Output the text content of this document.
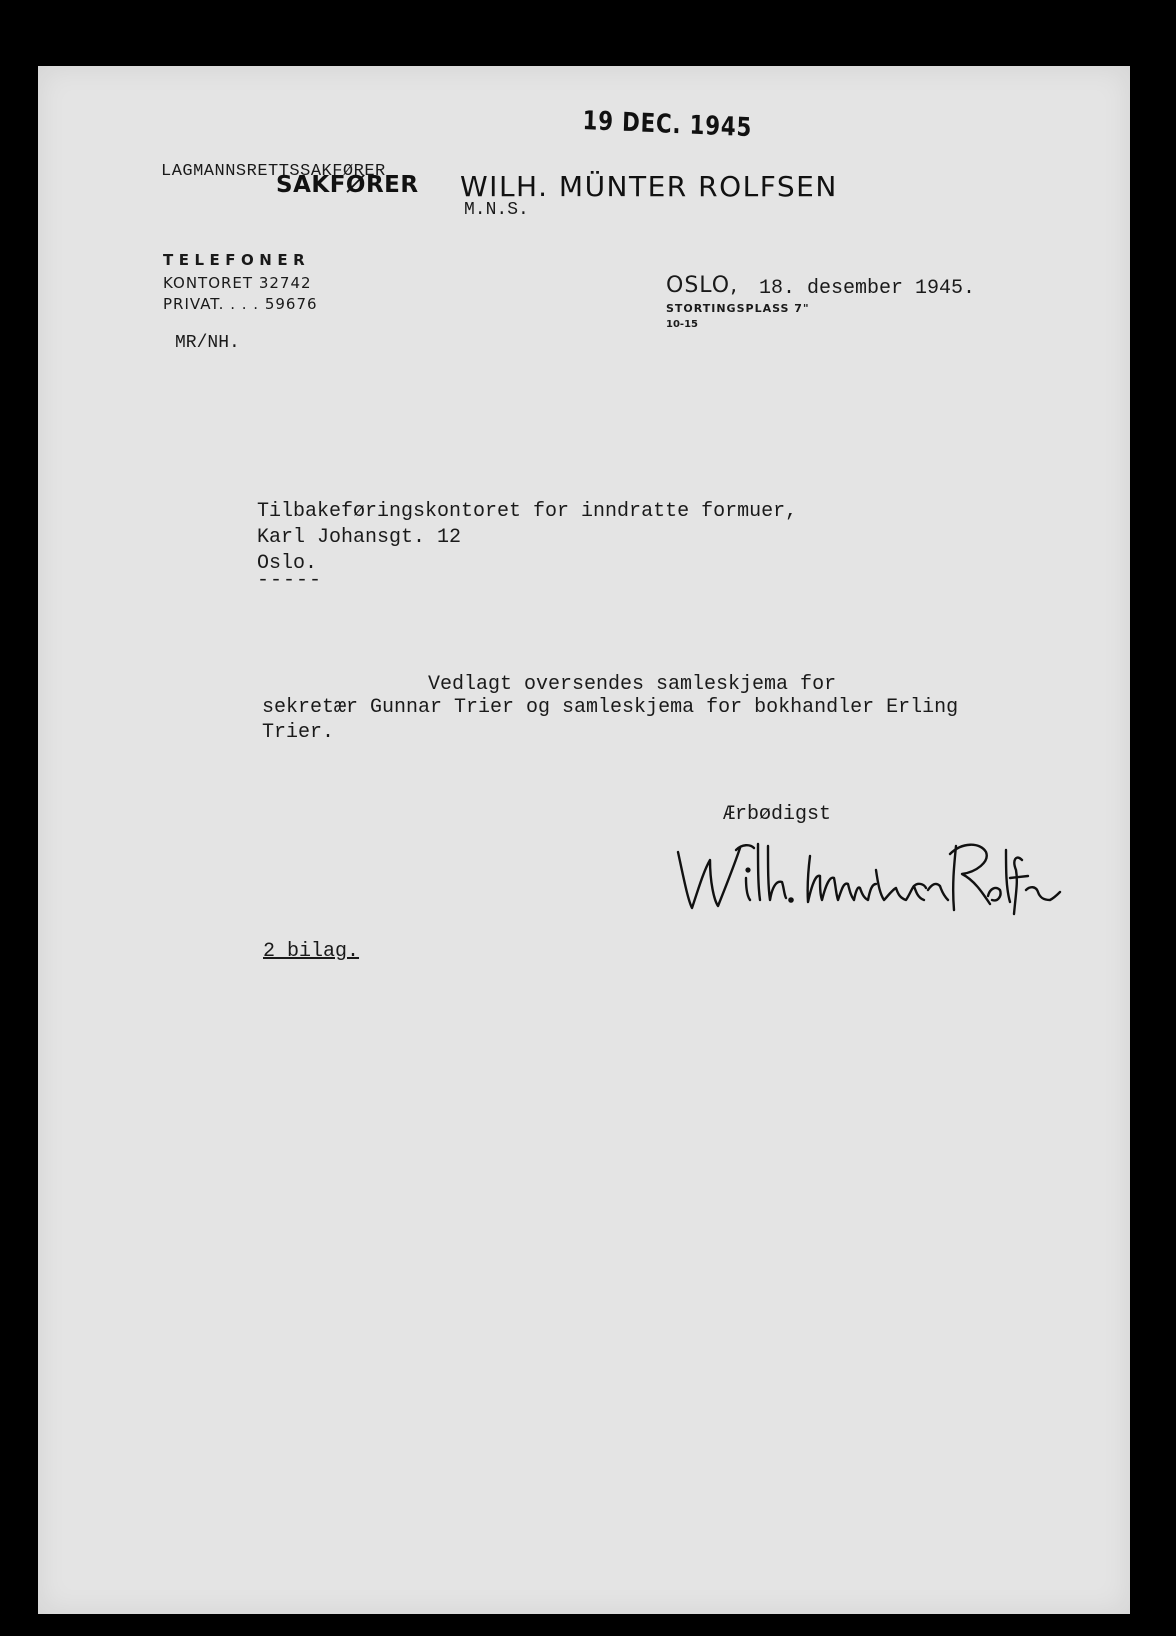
19 DEC. 1945
LAGMANNSRETTSSAKFØRER
SAKFØRER WILH. MÜNTER ROLFSEN
M.N.S.
TELEFONER
KONTORET 32742
PRIVAT. . . . 59676
MR/NH.
OSLO, 18. desember 1945.
STORTINGSPLASS 7"
10-15
Tilbakeføringskontoret for inndratte formuer,
Karl Johansgt. 12
Oslo.
-----
Vedlagt oversendes samleskjema for
sekretær Gunnar Trier og samleskjema for bokhandler Erling
Trier.
Ærbødigst
2 bilag.
